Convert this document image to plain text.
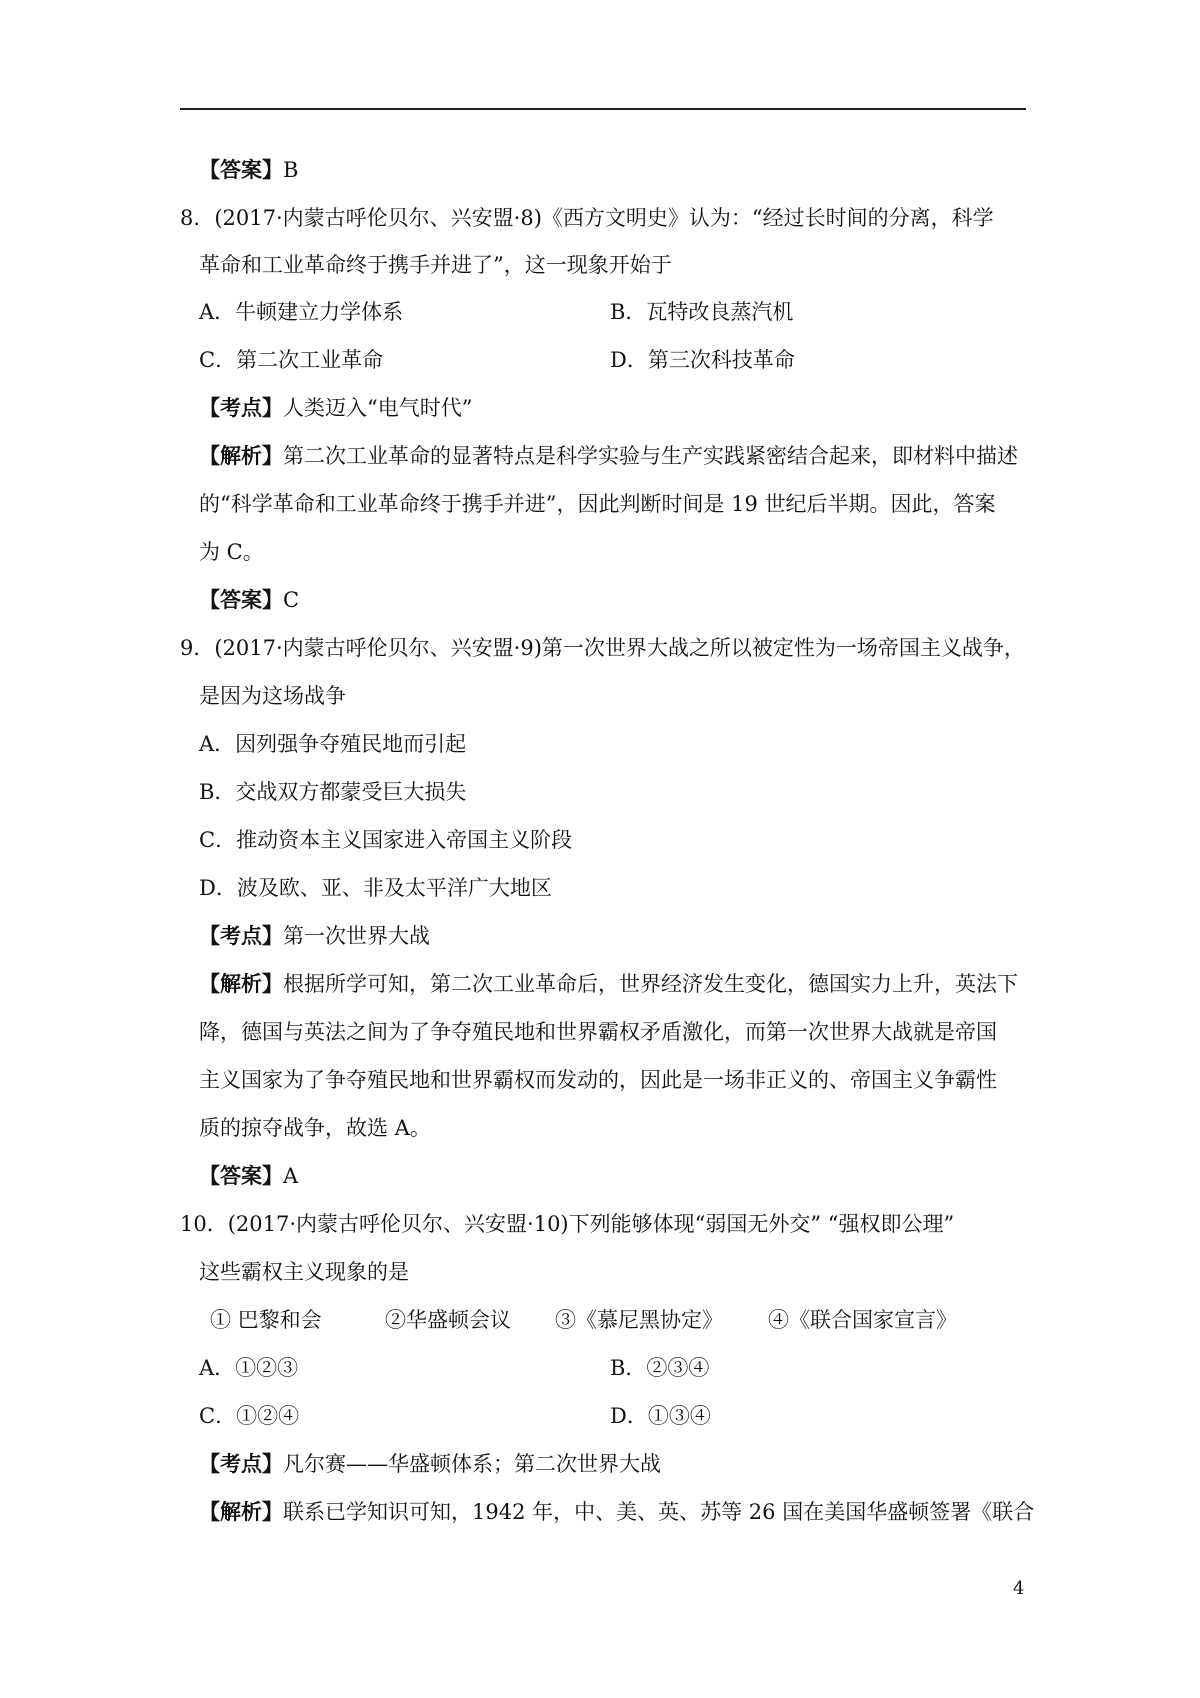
【答案】B
8．(2017·内蒙古呼伦贝尔、兴安盟·8)《西方文明史》认为：“经过长时间的分离，科学
革命和工业革命终于携手并进了”，这一现象开始于
A．牛顿建立力学体系	B．瓦特改良蒸汽机
C．第二次工业革命	D．第三次科技革命
【考点】人类迈入“电气时代”
【解析】第二次工业革命的显著特点是科学实验与生产实践紧密结合起来，即材料中描述
的“科学革命和工业革命终于携手并进”，因此判断时间是 19 世纪后半期。因此，答案
为 C。
【答案】C
9．(2017·内蒙古呼伦贝尔、兴安盟·9)第一次世界大战之所以被定性为一场帝国主义战争，
是因为这场战争
A．因列强争夺殖民地而引起
B．交战双方都蒙受巨大损失
C．推动资本主义国家进入帝国主义阶段
D．波及欧、亚、非及太平洋广大地区
【考点】第一次世界大战
【解析】根据所学可知，第二次工业革命后，世界经济发生变化，德国实力上升，英法下
降，德国与英法之间为了争夺殖民地和世界霸权矛盾激化，而第一次世界大战就是帝国
主义国家为了争夺殖民地和世界霸权而发动的，因此是一场非正义的、帝国主义争霸性
质的掠夺战争，故选 A。
【答案】A
10．(2017·内蒙古呼伦贝尔、兴安盟·10)下列能够体现“弱国无外交” “强权即公理”
这些霸权主义现象的是
① 巴黎和会	②华盛顿会议 ③《慕尼黑协定》 ④《联合国家宣言》
A．①②③	B．②③④
C．①②④	D．①③④
【考点】凡尔赛——华盛顿体系；第二次世界大战
【解析】联系已学知识可知，1942 年，中、美、英、苏等 26 国在美国华盛顿签署《联合
4
